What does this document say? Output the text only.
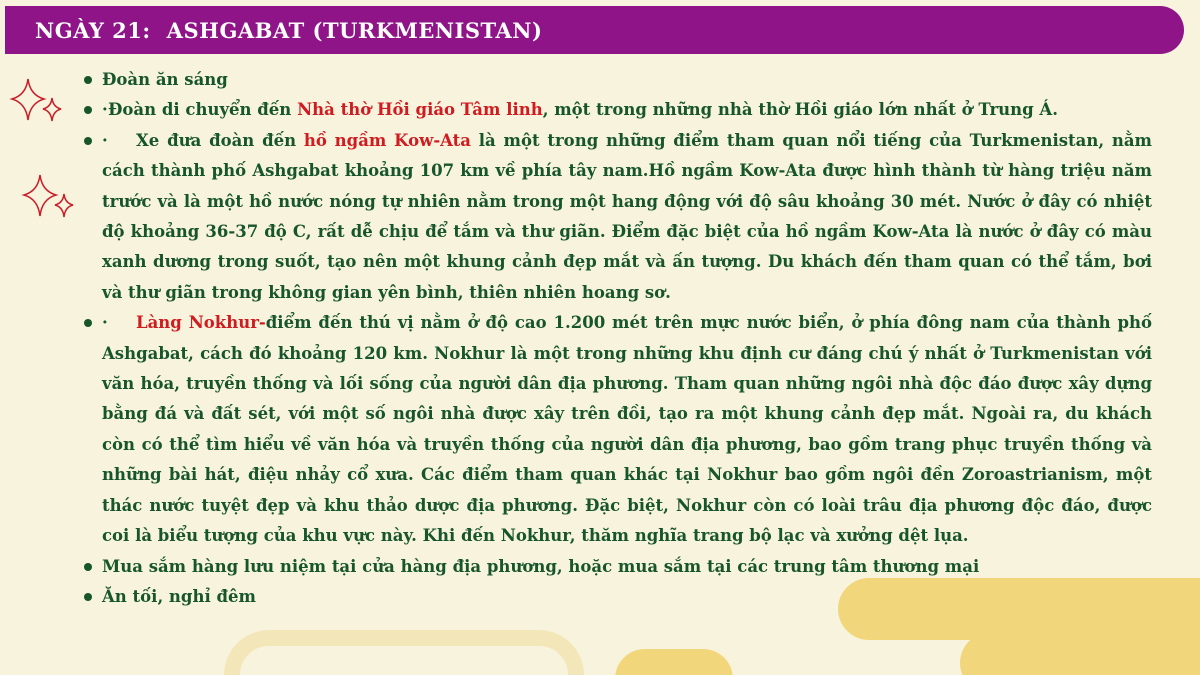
NGÀY 21: ASHGABAT (TURKMENISTAN)
Đoàn ăn sáng
·Đoàn di chuyển đến Nhà thờ Hồi giáo Tâm linh, một trong những nhà thờ Hồi giáo lớn nhất ở Trung Á.
· Xe đưa đoàn đến hồ ngầm Kow-Ata là một trong những điểm tham quan nổi tiếng của Turkmenistan, nằm cách thành phố Ashgabat khoảng 107 km về phía tây nam.Hồ ngầm Kow-Ata được hình thành từ hàng triệu năm trước và là một hồ nước nóng tự nhiên nằm trong một hang động với độ sâu khoảng 30 mét. Nước ở đây có nhiệt độ khoảng 36-37 độ C, rất dễ chịu để tắm và thư giãn. Điểm đặc biệt của hồ ngầm Kow-Ata là nước ở đây có màu xanh dương trong suốt, tạo nên một khung cảnh đẹp mắt và ấn tượng. Du khách đến tham quan có thể tắm, bơi và thư giãn trong không gian yên bình, thiên nhiên hoang sơ.
· Làng Nokhur-điểm đến thú vị nằm ở độ cao 1.200 mét trên mực nước biển, ở phía đông nam của thành phố Ashgabat, cách đó khoảng 120 km. Nokhur là một trong những khu định cư đáng chú ý nhất ở Turkmenistan với văn hóa, truyền thống và lối sống của người dân địa phương. Tham quan những ngôi nhà độc đáo được xây dựng bằng đá và đất sét, với một số ngôi nhà được xây trên đồi, tạo ra một khung cảnh đẹp mắt. Ngoài ra, du khách còn có thể tìm hiểu về văn hóa và truyền thống của người dân địa phương, bao gồm trang phục truyền thống và những bài hát, điệu nhảy cổ xưa. Các điểm tham quan khác tại Nokhur bao gồm ngôi đền Zoroastrianism, một thác nước tuyệt đẹp và khu thảo dược địa phương. Đặc biệt, Nokhur còn có loài trâu địa phương độc đáo, được coi là biểu tượng của khu vực này. Khi đến Nokhur, thăm nghĩa trang bộ lạc và xưởng dệt lụa.
Mua sắm hàng lưu niệm tại cửa hàng địa phương, hoặc mua sắm tại các trung tâm thương mại
Ăn tối, nghỉ đêm
